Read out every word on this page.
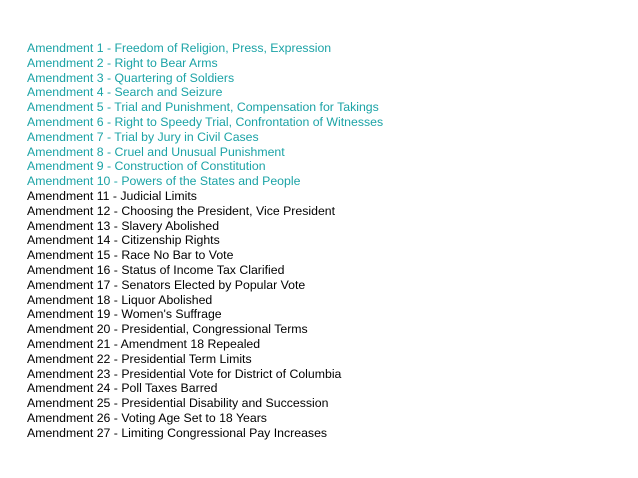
Amendment 1 - Freedom of Religion, Press, Expression
Amendment 2 - Right to Bear Arms
Amendment 3 - Quartering of Soldiers
Amendment 4 - Search and Seizure
Amendment 5 - Trial and Punishment, Compensation for Takings
Amendment 6 - Right to Speedy Trial, Confrontation of Witnesses
Amendment 7 - Trial by Jury in Civil Cases
Amendment 8 - Cruel and Unusual Punishment
Amendment 9 - Construction of Constitution
Amendment 10 - Powers of the States and People
Amendment 11 - Judicial Limits
Amendment 12 - Choosing the President, Vice President
Amendment 13 - Slavery Abolished
Amendment 14 - Citizenship Rights
Amendment 15 - Race No Bar to Vote
Amendment 16 - Status of Income Tax Clarified
Amendment 17 - Senators Elected by Popular Vote
Amendment 18 - Liquor Abolished
Amendment 19 - Women's Suffrage
Amendment 20 - Presidential, Congressional Terms
Amendment 21 - Amendment 18 Repealed
Amendment 22 - Presidential Term Limits
Amendment 23 - Presidential Vote for District of Columbia
Amendment 24 - Poll Taxes Barred
Amendment 25 - Presidential Disability and Succession
Amendment 26 - Voting Age Set to 18 Years
Amendment 27 - Limiting Congressional Pay Increases
